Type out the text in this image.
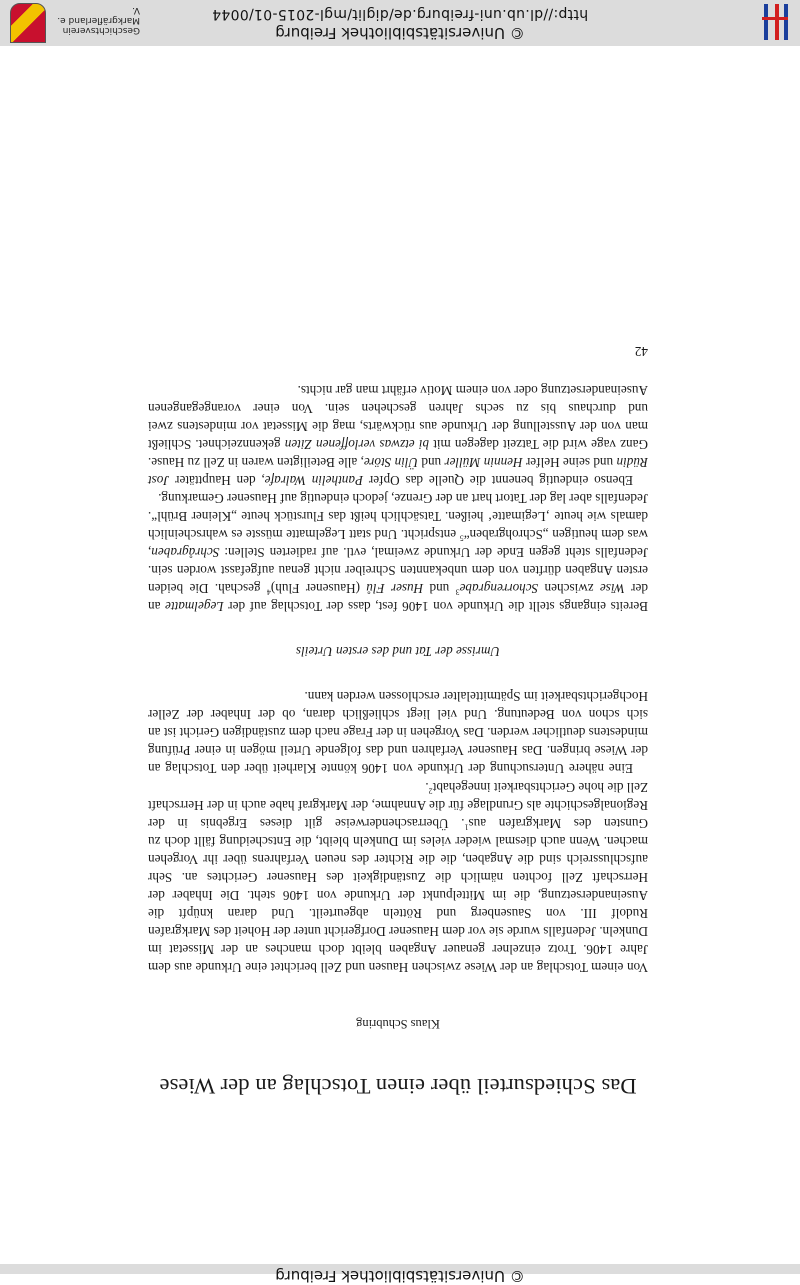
© Universitätsbibliothek Freiburg
Das Schiedsurteil über einen Totschlag an der Wiese
Klaus Schubring

Von einem Totschlag an der Wiese zwischen Hausen und Zell berichtet eine Urkunde aus dem Jahre 1406. Trotz einzelner genauer Angaben bleibt doch manches an der Missetat im Dunkeln. Jedenfalls wurde sie vor dem Hausener Dorfgericht unter der Hoheit des Markgrafen Rudolf III. von Sausenberg und Rötteln abgeurteilt. Und daran knüpft die Auseinandersetzung, die im Mittelpunkt der Urkunde von 1406 steht. Die Inhaber der Herrschaft Zell fochten nämlich die Zuständigkeit des Hausener Gerichtes an. Sehr aufschlussreich sind die Angaben, die die Richter des neuen Verfahrens über ihr Vorgehen machen. Wenn auch diesmal wieder vieles im Dunkeln bleibt, die Entscheidung fällt doch zu Gunsten des Markgrafen aus$^1$. Überraschenderweise gilt dieses Ergebnis in der Regionalgeschichte als Grundlage für die Annahme, der Markgraf habe auch in der Herrschaft Zell die hohe Gerichtsbarkeit innegehabt$^2$.

Eine nähere Untersuchung der Urkunde von 1406 könnte Klarheit über den Totschlag an der Wiese bringen. Das Hausener Verfahren und das folgende Urteil mögen in einer Prüfung mindestens deutlicher werden. Das Vorgehen in der Frage nach dem zuständigen Gericht ist an sich schon von Bedeutung. Und viel liegt schließlich daran, ob der Inhaber der Zeller Hochgerichtsbarkeit im Spätmittelalter erschlossen werden kann.

Umrisse der Tat und des ersten Urteils

Bereits eingangs stellt die Urkunde von 1406 fest, dass der Totschlag auf der Legelmatte an der Wise zwischen Schorrengrabe$^3$ und Huser Flů (Hausener Fluh)$^4$ geschah. Die beiden ersten Angaben dürften von dem unbekannten Schreiber nicht genau aufgefasst worden sein. Jedenfalls steht gegen Ende der Urkunde zweimal, evtl. auf radierten Stellen: Schrågraben, was dem heutigen „Schrohgraben“$^5$ entspricht. Und statt Legelmatte müsste es wahrscheinlich damals wie heute ‚Legimatte‘ heißen. Tatsächlich heißt das Flurstück heute „Kleiner Brühl“. Jedenfalls aber lag der Tatort hart an der Grenze, jedoch eindeutig auf Hausener Gemarkung.

Ebenso eindeutig benennt die Quelle das Opfer Panthelin Walrafe, den Haupttäter Jost Rüdin und seine Helfer Hennin Müller und Ülin Störe, alle Beteiligten waren in Zell zu Hause. Ganz vage wird die Tatzeit dagegen mit bi etzwas verloffenen Ziten gekennzeichnet. Schließt man von der Ausstellung der Urkunde aus rückwärts, mag die Missetat vor mindestens zwei und durchaus bis zu sechs Jahren geschehen sein. Von einer vorangegangenen Auseinandersetzung oder von einem Motiv erfährt man gar nichts.

42
© Universitätsbibliothek Freiburg
http://dl.ub.uni-freiburg.de/diglit/mgl-2015-01/0044
Geschichtsverein
Markgräflerland e. V.
